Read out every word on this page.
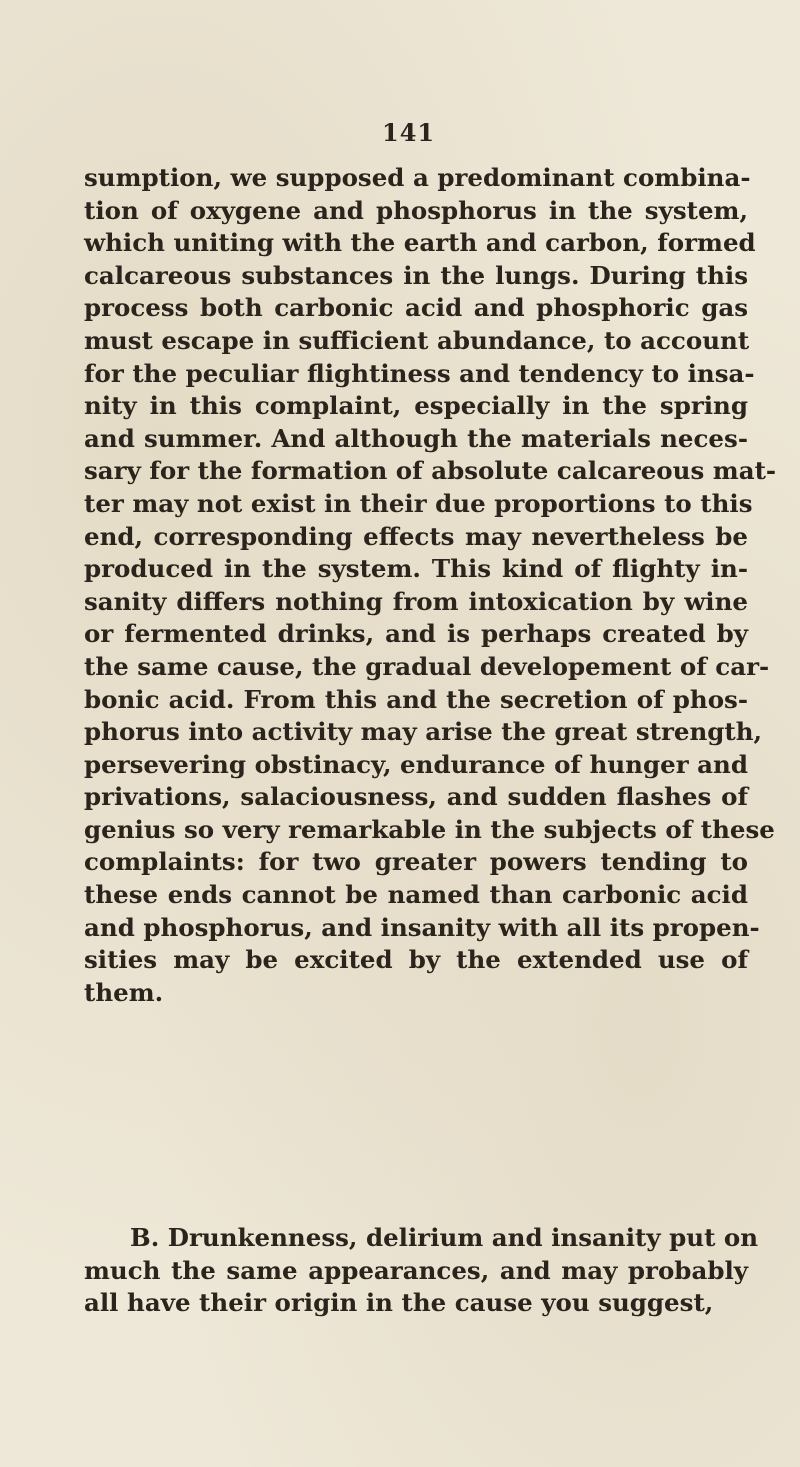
141
sumption, we supposed a predominant combina-
tion of oxygene and phosphorus in the system,
which uniting with the earth and carbon, formed
calcareous substances in the lungs. During this
process both carbonic acid and phosphoric gas
must escape in sufficient abundance, to account
for the peculiar flightiness and tendency to insa-
nity in this complaint, especially in the spring
and summer. And although the materials neces-
sary for the formation of absolute calcareous mat-
ter may not exist in their due proportions to this
end, corresponding effects may nevertheless be
produced in the system. This kind of flighty in-
sanity differs nothing from intoxication by wine
or fermented drinks, and is perhaps created by
the same cause, the gradual developement of car-
bonic acid. From this and the secretion of phos-
phorus into activity may arise the great strength,
persevering obstinacy, endurance of hunger and
privations, salaciousness, and sudden flashes of
genius so very remarkable in the subjects of these
complaints: for two greater powers tending to
these ends cannot be named than carbonic acid
and phosphorus, and insanity with all its propen-
sities may be excited by the extended use of
them.
B. Drunkenness, delirium and insanity put on
much the same appearances, and may probably
all have their origin in the cause you suggest,
